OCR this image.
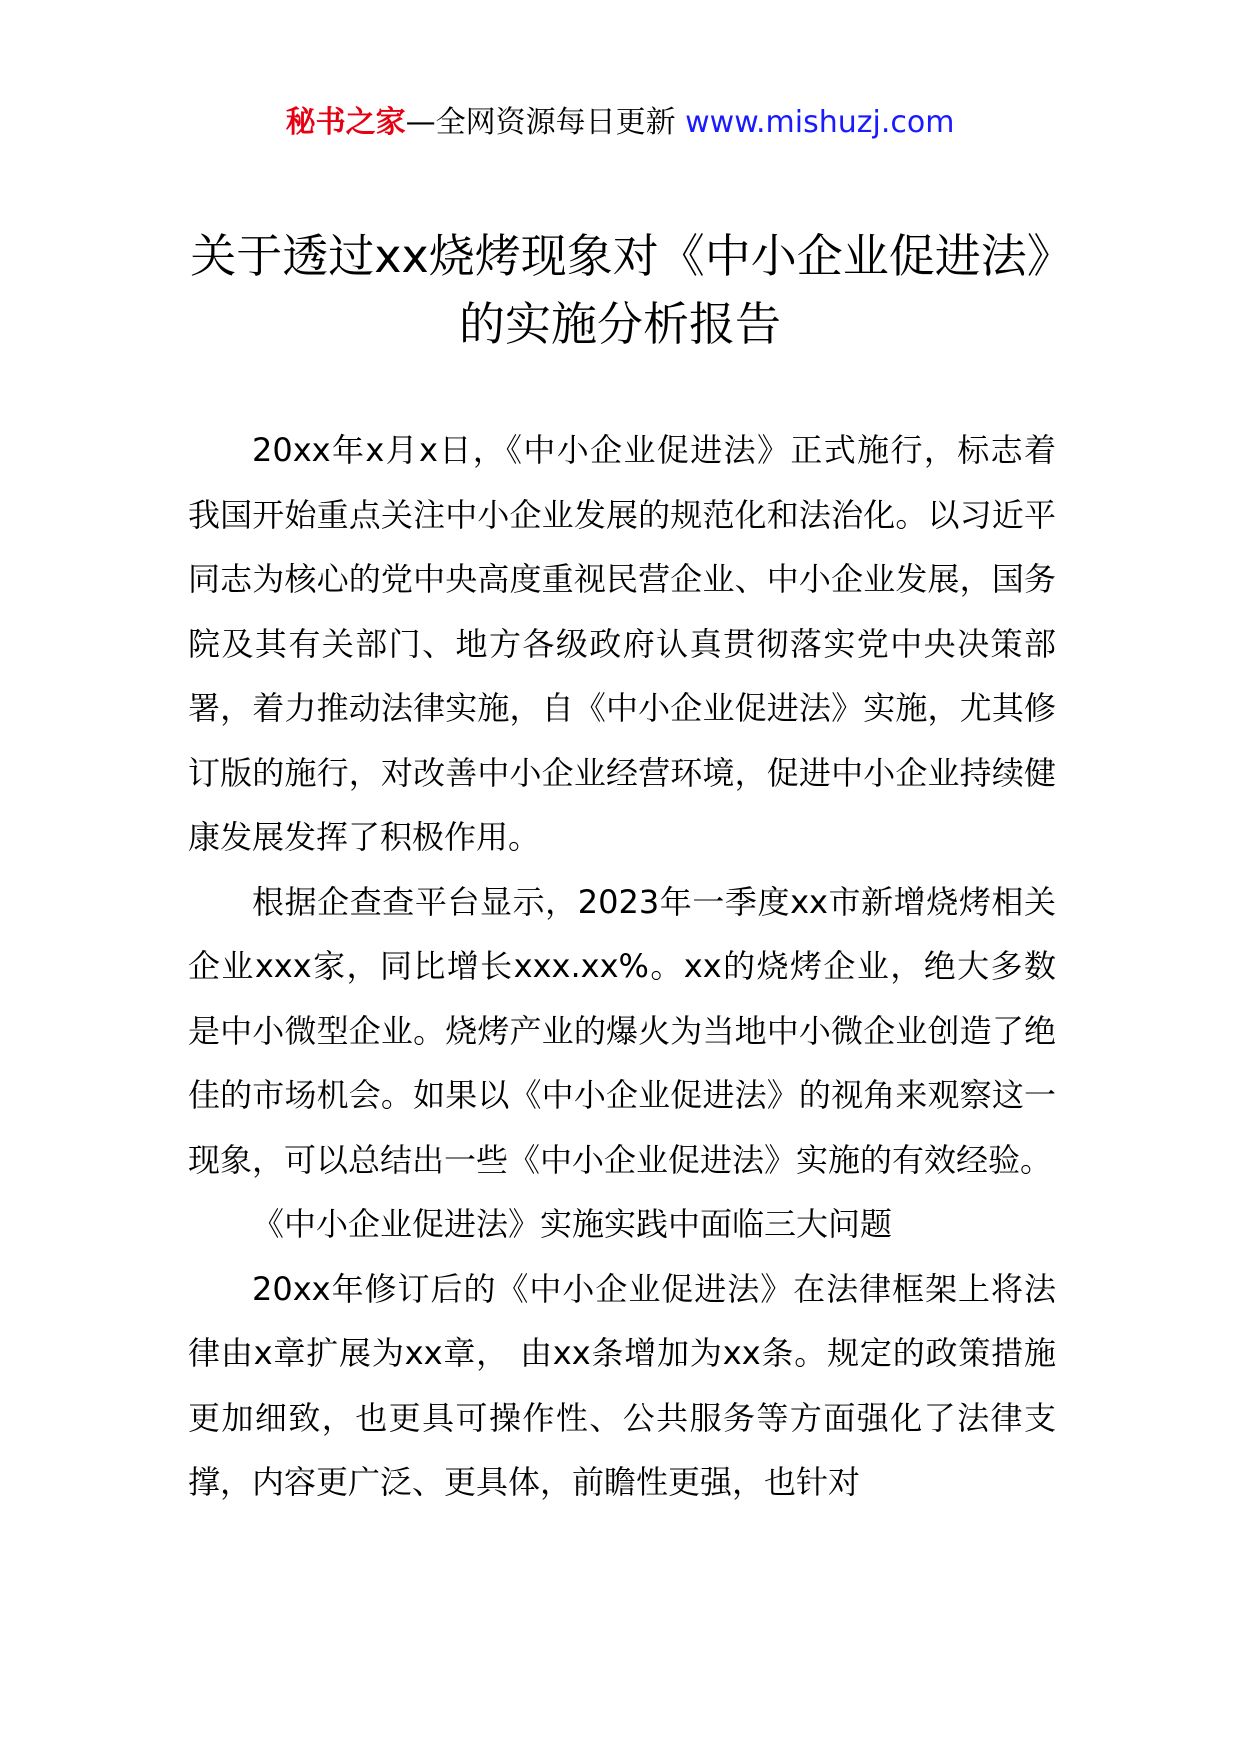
秘书之家—全网资源每日更新 www.mishuzj.com
关于透过xx烧烤现象对《中小企业促进法》的实施分析报告

20xx年x月x日，《中小企业促进法》正式施行，标志着我国开始重点关注中小企业发展的规范化和法治化。以习近平同志为核心的党中央高度重视民营企业、中小企业发展，国务院及其有关部门、地方各级政府认真贯彻落实党中央决策部署，着力推动法律实施，自《中小企业促进法》实施，尤其修订版的施行，对改善中小企业经营环境，促进中小企业持续健康发展发挥了积极作用。

根据企查查平台显示，2023年一季度xx市新增烧烤相关企业xxx家，同比增长xxx.xx%。xx的烧烤企业，绝大多数是中小微型企业。烧烤产业的爆火为当地中小微企业创造了绝佳的市场机会。如果以《中小企业促进法》的视角来观察这一现象，可以总结出一些《中小企业促进法》实施的有效经验。

《中小企业促进法》实施实践中面临三大问题

20xx年修订后的《中小企业促进法》在法律框架上将法律由x章扩展为xx章， 由xx条增加为xx条。规定的政策措施更加细致，也更具可操作性、公共服务等方面强化了法律支撑，内容更广泛、更具体，前瞻性更强，也针对
